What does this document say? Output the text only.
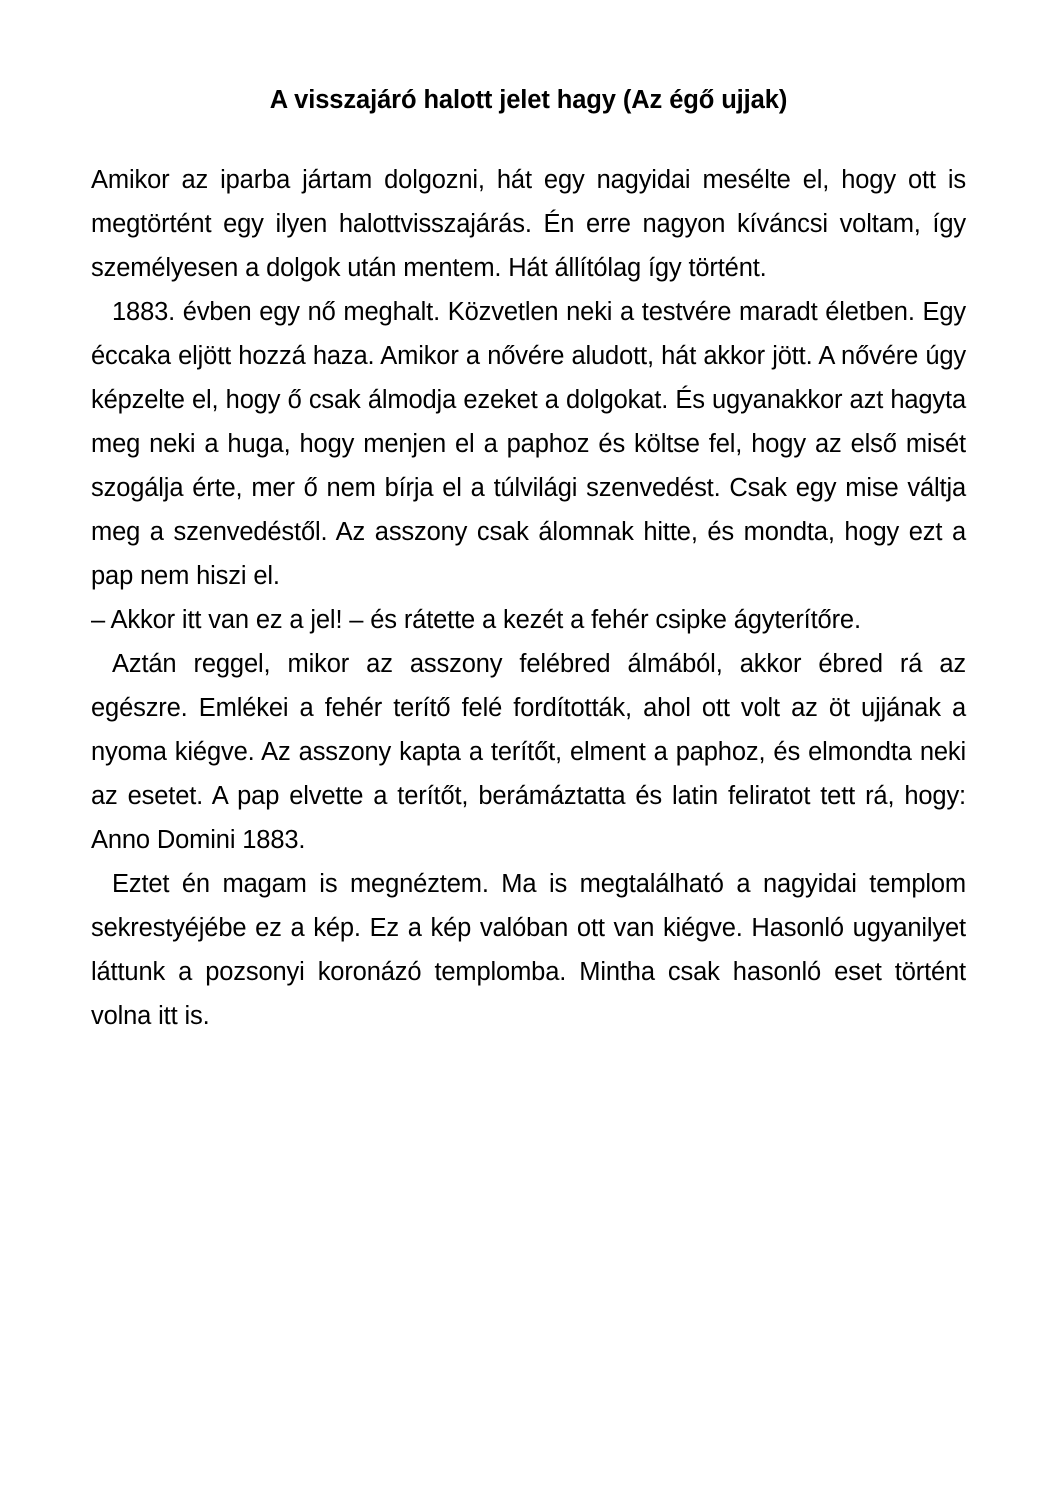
A visszajáró halott jelet hagy (Az égő ujjak)

Amikor az iparba jártam dolgozni, hát egy nagyidai mesélte el, hogy ott is megtörtént egy ilyen halottvisszajárás. Én erre nagyon kíváncsi voltam, így személyesen a dolgok után mentem. Hát állítólag így történt.

1883. évben egy nő meghalt. Közvetlen neki a testvére maradt életben. Egy éccaka eljött hozzá haza. Amikor a nővére aludott, hát akkor jött. A nővére úgy képzelte el, hogy ő csak álmodja ezeket a dolgokat. És ugyanakkor azt hagyta meg neki a huga, hogy menjen el a paphoz és költse fel, hogy az első misét szogálja érte, mer ő nem bírja el a túlvilági szenvedést. Csak egy mise váltja meg a szenvedéstől. Az asszony csak álomnak hitte, és mondta, hogy ezt a pap nem hiszi el.

– Akkor itt van ez a jel! – és rátette a kezét a fehér csipke ágyterítőre.

Aztán reggel, mikor az asszony felébred álmából, akkor ébred rá az egészre. Emlékei a fehér terítő felé fordították, ahol ott volt az öt ujjának a nyoma kiégve. Az asszony kapta a terítőt, elment a paphoz, és elmondta neki az esetet. A pap elvette a terítőt, berámáztatta és latin feliratot tett rá, hogy: Anno Domini 1883.

Eztet én magam is megnéztem. Ma is megtalálható a nagyidai templom sekrestyéjébe ez a kép. Ez a kép valóban ott van kiégve. Hasonló ugyanilyet láttunk a pozsonyi koronázó templomba. Mintha csak hasonló eset történt volna itt is.
